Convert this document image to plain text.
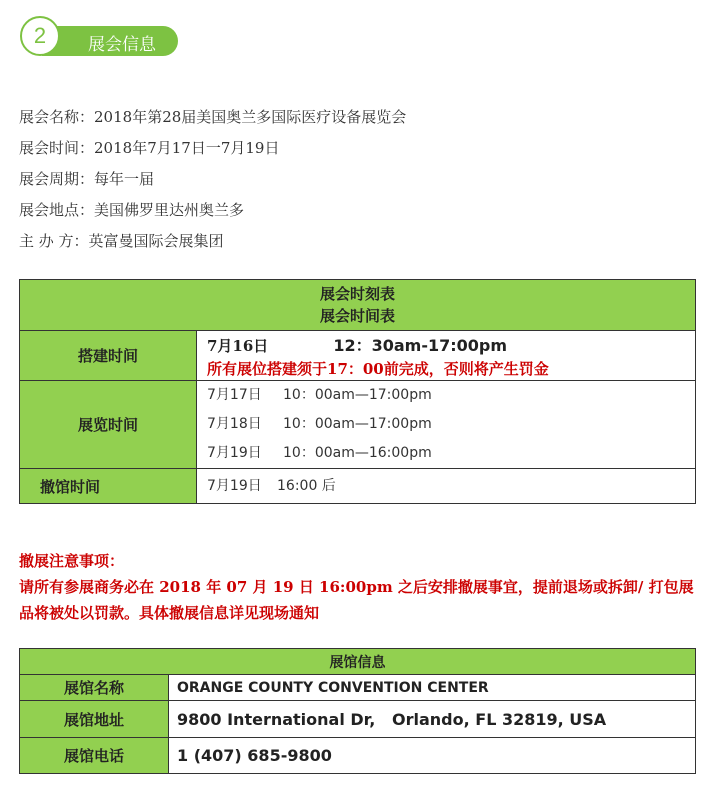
展会信息
2
展会名称：2018年第28届美国奥兰多国际医疗设备展览会
展会时间：2018年7月17日一7月19日
展会周期：每年一届
展会地点：美国佛罗里达州奥兰多
主 办 方：英富曼国际会展集团
展会时刻表
展会时间表	

搭建时间	7月16日 12：30am-17:00pm
所有展位搭建须于17：00前完成，否则将产生罚金

展览时间	7月17日 10：00am—17:00pm
7月18日 10：00am—17:00pm
7月19日 10：00am—16:00pm

撤馆时间	7月19日 16:00 后
撤展注意事项：
请所有参展商务必在 2018 年 07 月 19 日 16:00pm 之后安排撤展事宜，提前退场或拆卸/ 打包展品将被处以罚款。具体撤展信息详见现场通知
展馆信息	
展馆名称	ORANGE COUNTY CONVENTION CENTER
展馆地址	9800 International Dr,   Orlando, FL 32819, USA
展馆电话	1 (407) 685-9800
